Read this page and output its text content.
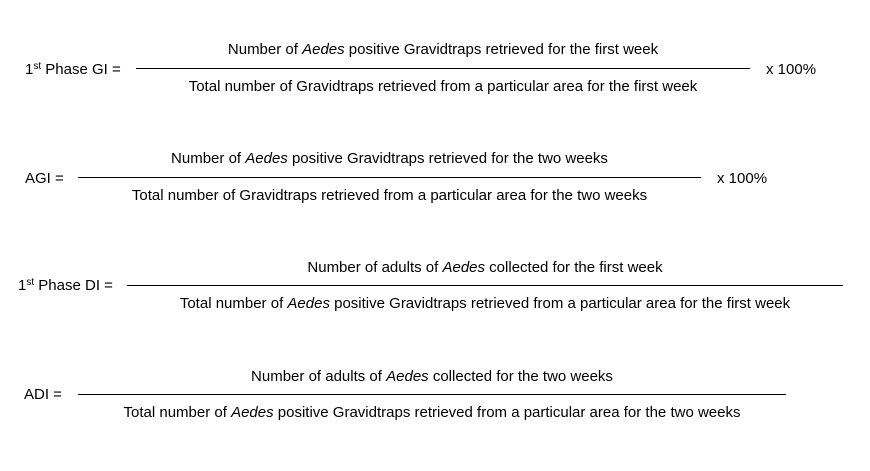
1st Phase GI =
Number of Aedes positive Gravidtraps retrieved for the first week
Total number of Gravidtraps retrieved from a particular area for the first week
x 100%
AGI =
Number of Aedes positive Gravidtraps retrieved for the two weeks
Total number of Gravidtraps retrieved from a particular area for the two weeks
x 100%
1st Phase DI =
Number of adults of Aedes collected for the first week
Total number of Aedes positive Gravidtraps retrieved from a particular area for the first week
ADI =
Number of adults of Aedes collected for the two weeks
Total number of Aedes positive Gravidtraps retrieved from a particular area for the two weeks
